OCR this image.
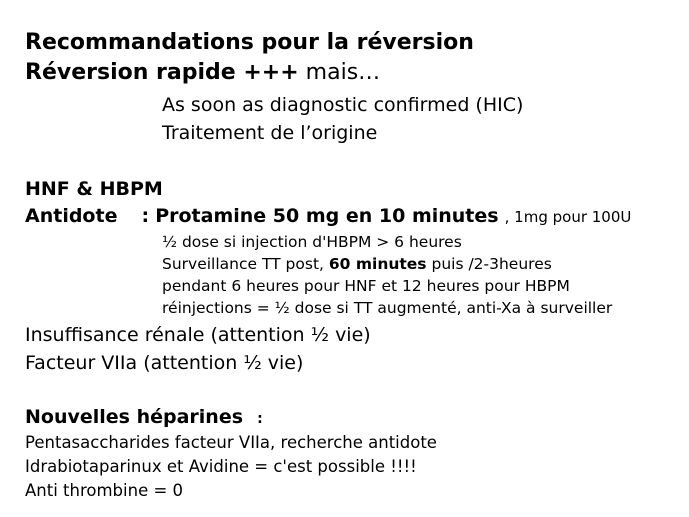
Recommandations pour la réversion
Réversion rapide +++ mais…
As soon as diagnostic confirmed (HIC)
Traitement de l’origine
HNF & HBPM
Antidote : Protamine 50 mg en 10 minutes , 1mg pour 100U
½ dose si injection d'HBPM > 6 heures
Surveillance TT post, 60 minutes puis /2-3heures
pendant 6 heures pour HNF et 12 heures pour HBPM
réinjections = ½ dose si TT augmenté, anti-Xa à surveiller
Insuffisance rénale (attention ½ vie)
Facteur VIIa (attention ½ vie)
Nouvelles héparines :
Pentasaccharides facteur VIIa, recherche antidote
Idrabiotaparinux et Avidine = c'est possible !!!!
Anti thrombine = 0
